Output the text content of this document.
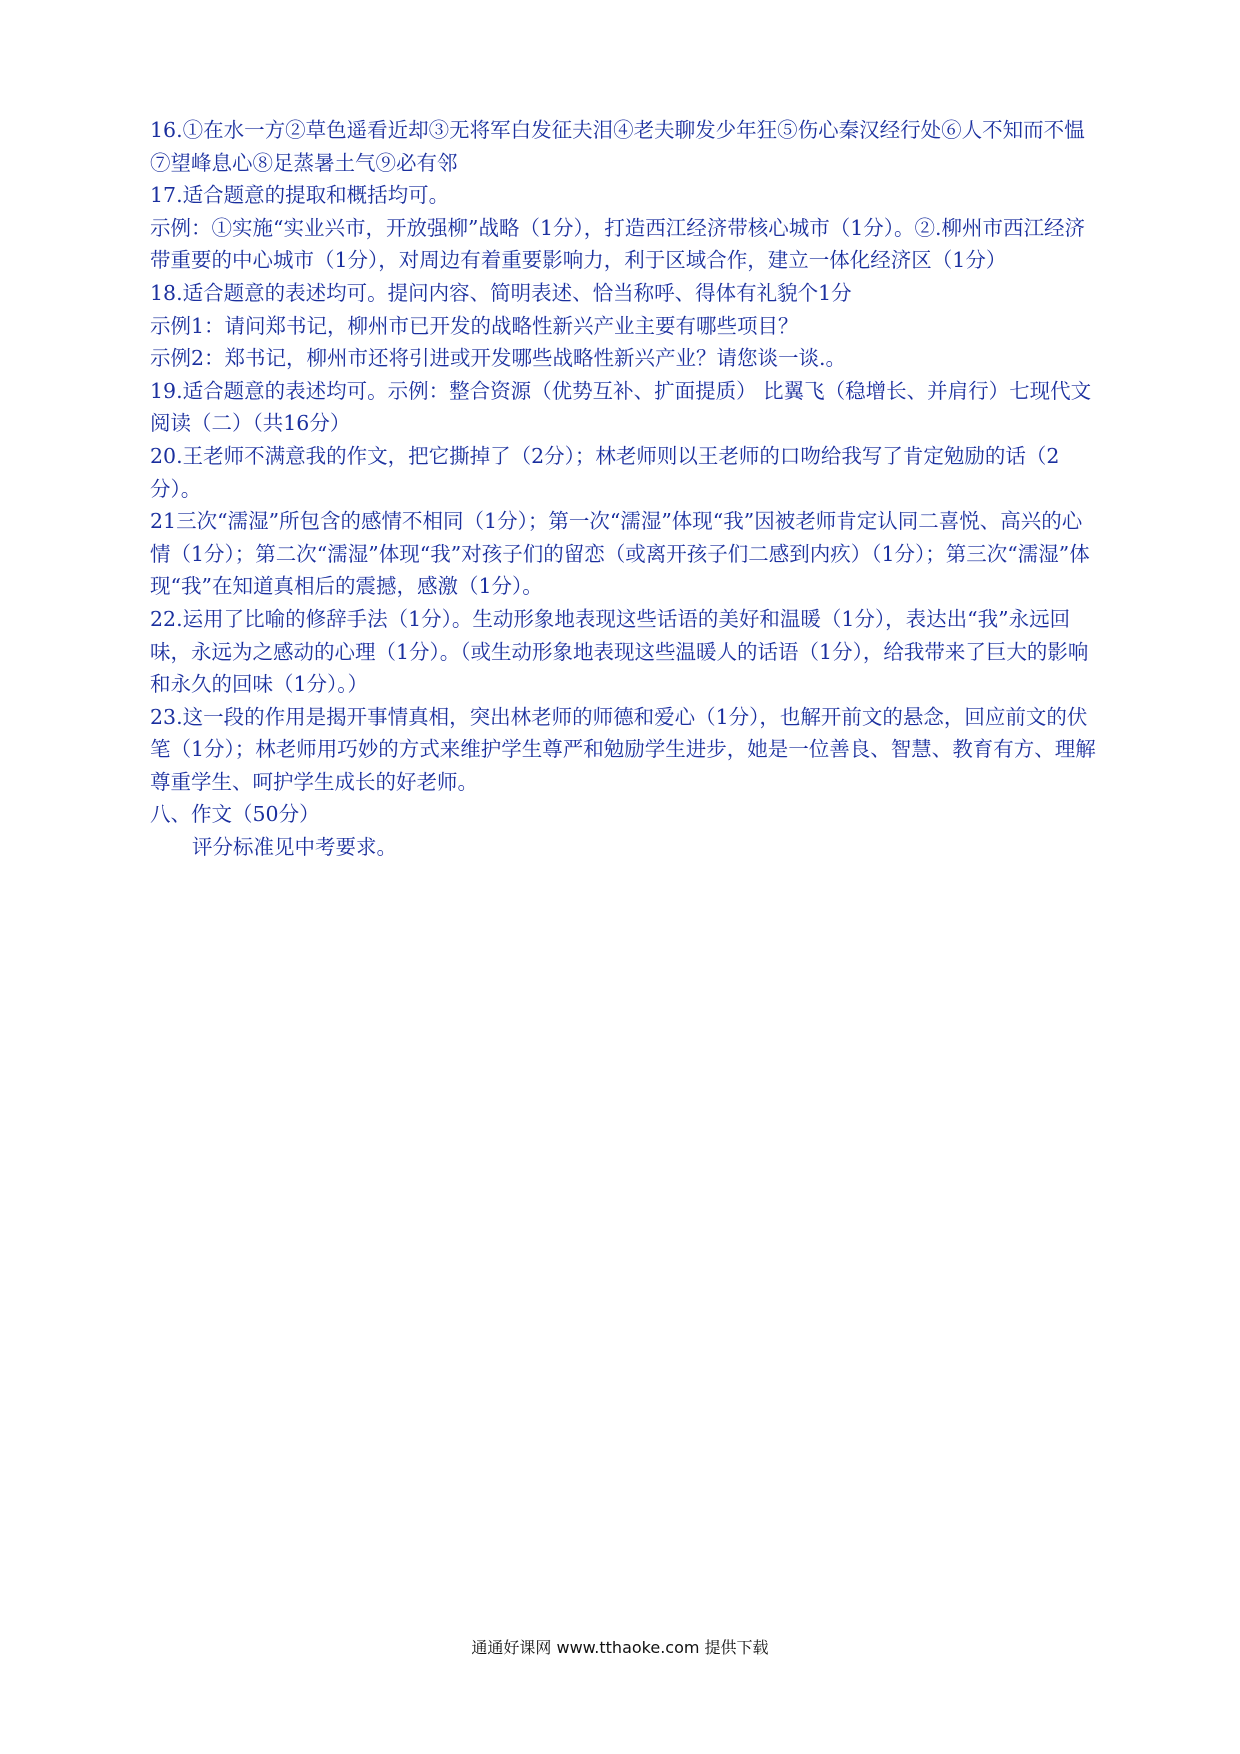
16.①在水一方②草色遥看近却③无将军白发征夫泪④老夫聊发少年狂⑤伤心秦汉经行处⑥人不知而不愠⑦望峰息心⑧足蒸暑土气⑨必有邻

17.适合题意的提取和概括均可。

示例：①实施“实业兴市，开放强柳”战略（1分），打造西江经济带核心城市（1分）。②.柳州市西江经济带重要的中心城市（1分），对周边有着重要影响力，利于区域合作，建立一体化经济区（1分）

18.适合题意的表述均可。提问内容、简明表述、恰当称呼、得体有礼貌个1分

示例1：请问郑书记，柳州市已开发的战略性新兴产业主要有哪些项目？

示例2：郑书记，柳州市还将引进或开发哪些战略性新兴产业？请您谈一谈.。

19.适合题意的表述均可。示例：整合资源（优势互补、扩面提质） 比翼飞（稳增长、并肩行）七现代文阅读（二）（共16分）

20.王老师不满意我的作文，把它撕掉了（2分）；林老师则以王老师的口吻给我写了肯定勉励的话（2分）。

21三次“濡湿”所包含的感情不相同（1分）；第一次“濡湿”体现“我”因被老师肯定认同二喜悦、高兴的心情（1分）；第二次“濡湿”体现“我”对孩子们的留恋（或离开孩子们二感到内疚）（1分）；第三次“濡湿”体现“我”在知道真相后的震撼，感激（1分）。

22.运用了比喻的修辞手法（1分）。生动形象地表现这些话语的美好和温暖（1分），表达出“我”永远回味，永远为之感动的心理（1分）。（或生动形象地表现这些温暖人的话语（1分），给我带来了巨大的影响和永久的回味（1分）。）

23.这一段的作用是揭开事情真相，突出林老师的师德和爱心（1分），也解开前文的悬念，回应前文的伏笔（1分）；林老师用巧妙的方式来维护学生尊严和勉励学生进步，她是一位善良、智慧、教育有方、理解尊重学生、呵护学生成长的好老师。

八、作文（50分）

评分标准见中考要求。

通通好课网 www.tthaoke.com 提供下载
